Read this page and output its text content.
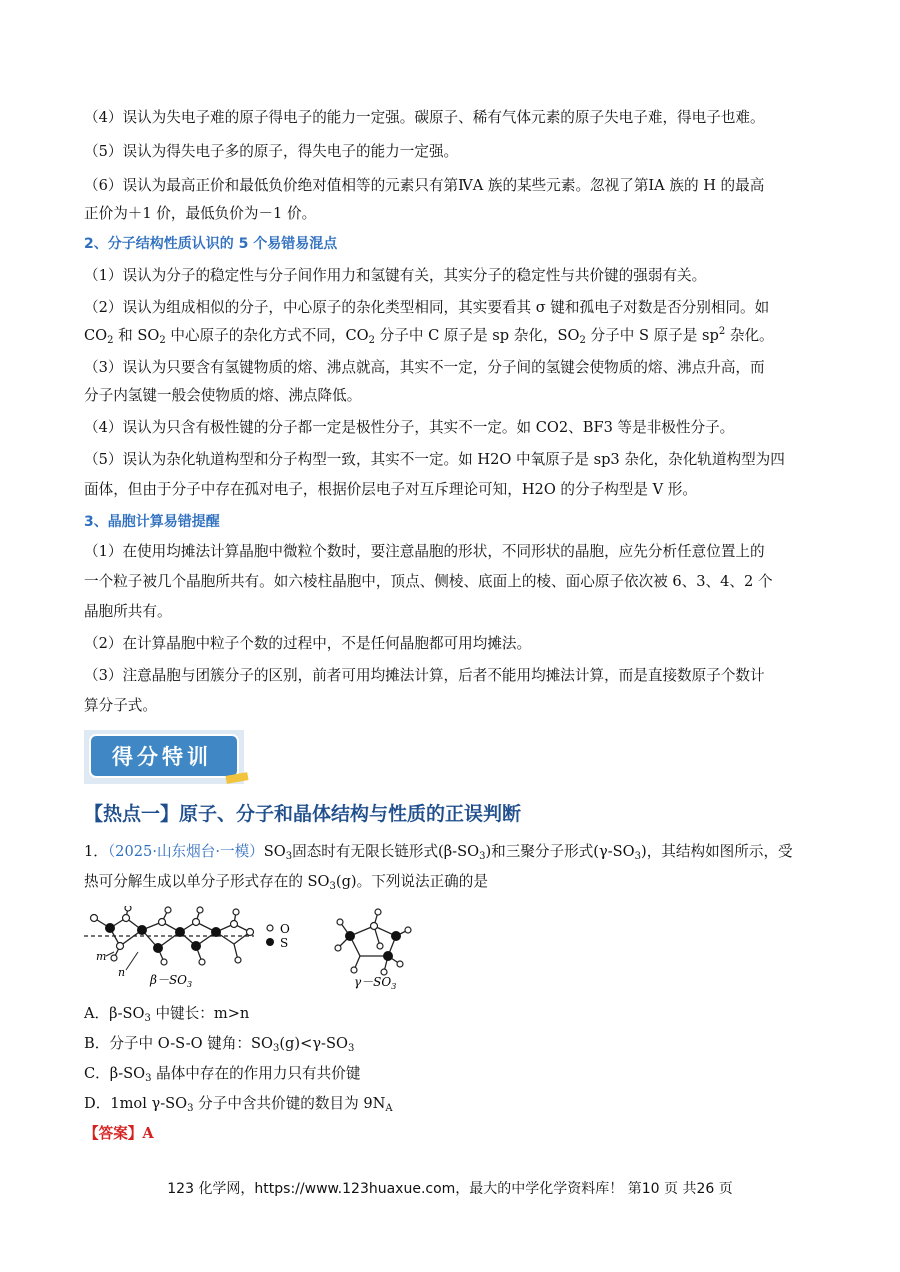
（4）误认为失电子难的原子得电子的能力一定强。碳原子、稀有气体元素的原子失电子难，得电子也难。
（5）误认为得失电子多的原子，得失电子的能力一定强。
（6）误认为最高正价和最低负价绝对值相等的元素只有第ⅣA 族的某些元素。忽视了第ⅠA 族的 H 的最高
正价为＋1 价，最低负价为－1 价。
2、分子结构性质认识的 5 个易错易混点
（1）误认为分子的稳定性与分子间作用力和氢键有关，其实分子的稳定性与共价键的强弱有关。
（2）误认为组成相似的分子，中心原子的杂化类型相同，其实要看其 σ 键和孤电子对数是否分别相同。如
$CO_2$ 和 $SO_2$ 中心原子的杂化方式不同，$CO_2$ 分子中 C 原子是 sp 杂化，$SO_2$ 分子中 S 原子是 $sp^2$ 杂化。
（3）误认为只要含有氢键物质的熔、沸点就高，其实不一定，分子间的氢键会使物质的熔、沸点升高，而
分子内氢键一般会使物质的熔、沸点降低。
（4）误认为只含有极性键的分子都一定是极性分子，其实不一定。如 CO2、BF3 等是非极性分子。
（5）误认为杂化轨道构型和分子构型一致，其实不一定。如 H2O 中氧原子是 sp3 杂化，杂化轨道构型为四
面体，但由于分子中存在孤对电子，根据价层电子对互斥理论可知，H2O 的分子构型是 V 形。
3、晶胞计算易错提醒
（1）在使用均摊法计算晶胞中微粒个数时，要注意晶胞的形状，不同形状的晶胞，应先分析任意位置上的
一个粒子被几个晶胞所共有。如六棱柱晶胞中，顶点、侧棱、底面上的棱、面心原子依次被 6、3、4、2 个
晶胞所共有。
（2）在计算晶胞中粒子个数的过程中，不是任何晶胞都可用均摊法。
（3）注意晶胞与团簇分子的区别，前者可用均摊法计算，后者不能用均摊法计算，而是直接数原子个数计
算分子式。
得分特训
【热点一】原子、分子和晶体结构与性质的正误判断
1．（2025·山东烟台·一模）$SO_3$固态时有无限长链形式$(\beta-SO_3)$和三聚分子形式$(\gamma-SO_3)$，其结构如图所示，受
热可分解生成以单分子形式存在的 $SO_3(g)$。下列说法正确的是
O
S
m
n
$\beta-SO_3$	$\gamma-SO_3$
A．$\beta-SO_3$ 中键长：m>n
B．分子中 O-S-O 键角：$SO_3(g)<\gamma-SO_3$
C．$\beta-SO_3$ 晶体中存在的作用力只有共价键
D．1mol $\gamma-SO_3$ 分子中含共价键的数目为 $9N_A$
【答案】A
123 化学网，https://www.123huaxue.com，最大的中学化学资料库！ 第10 页 共26 页
